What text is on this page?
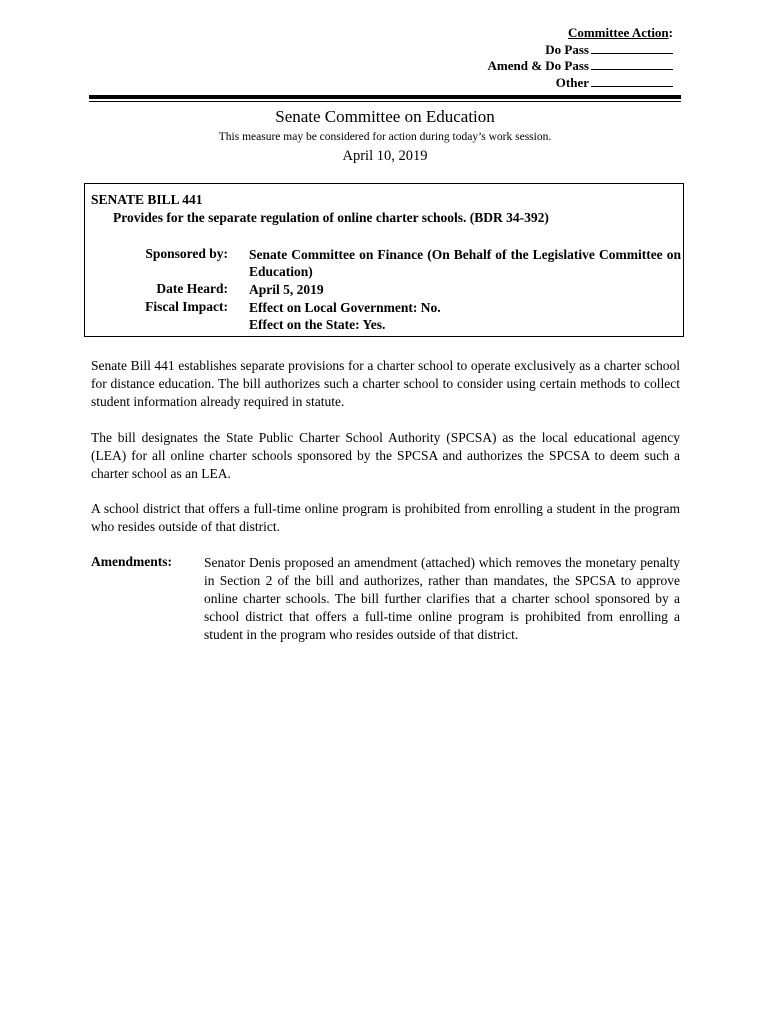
Committee Action:
Do Pass
Amend & Do Pass
Other
Senate Committee on Education
This measure may be considered for action during today’s work session.
April 10, 2019
SENATE BILL 441
Provides for the separate regulation of online charter schools. (BDR 34-392)
Sponsored by: Senate Committee on Finance (On Behalf of the Legislative Committee on Education)
Date Heard: April 5, 2019
Fiscal Impact: Effect on Local Government: No.
Effect on the State: Yes.
Senate Bill 441 establishes separate provisions for a charter school to operate exclusively as a charter school for distance education. The bill authorizes such a charter school to consider using certain methods to collect student information already required in statute.
The bill designates the State Public Charter School Authority (SPCSA) as the local educational agency (LEA) for all online charter schools sponsored by the SPCSA and authorizes the SPCSA to deem such a charter school as an LEA.
A school district that offers a full-time online program is prohibited from enrolling a student in the program who resides outside of that district.
Amendments: Senator Denis proposed an amendment (attached) which removes the monetary penalty in Section 2 of the bill and authorizes, rather than mandates, the SPCSA to approve online charter schools. The bill further clarifies that a charter school sponsored by a school district that offers a full-time online program is prohibited from enrolling a student in the program who resides outside of that district.
